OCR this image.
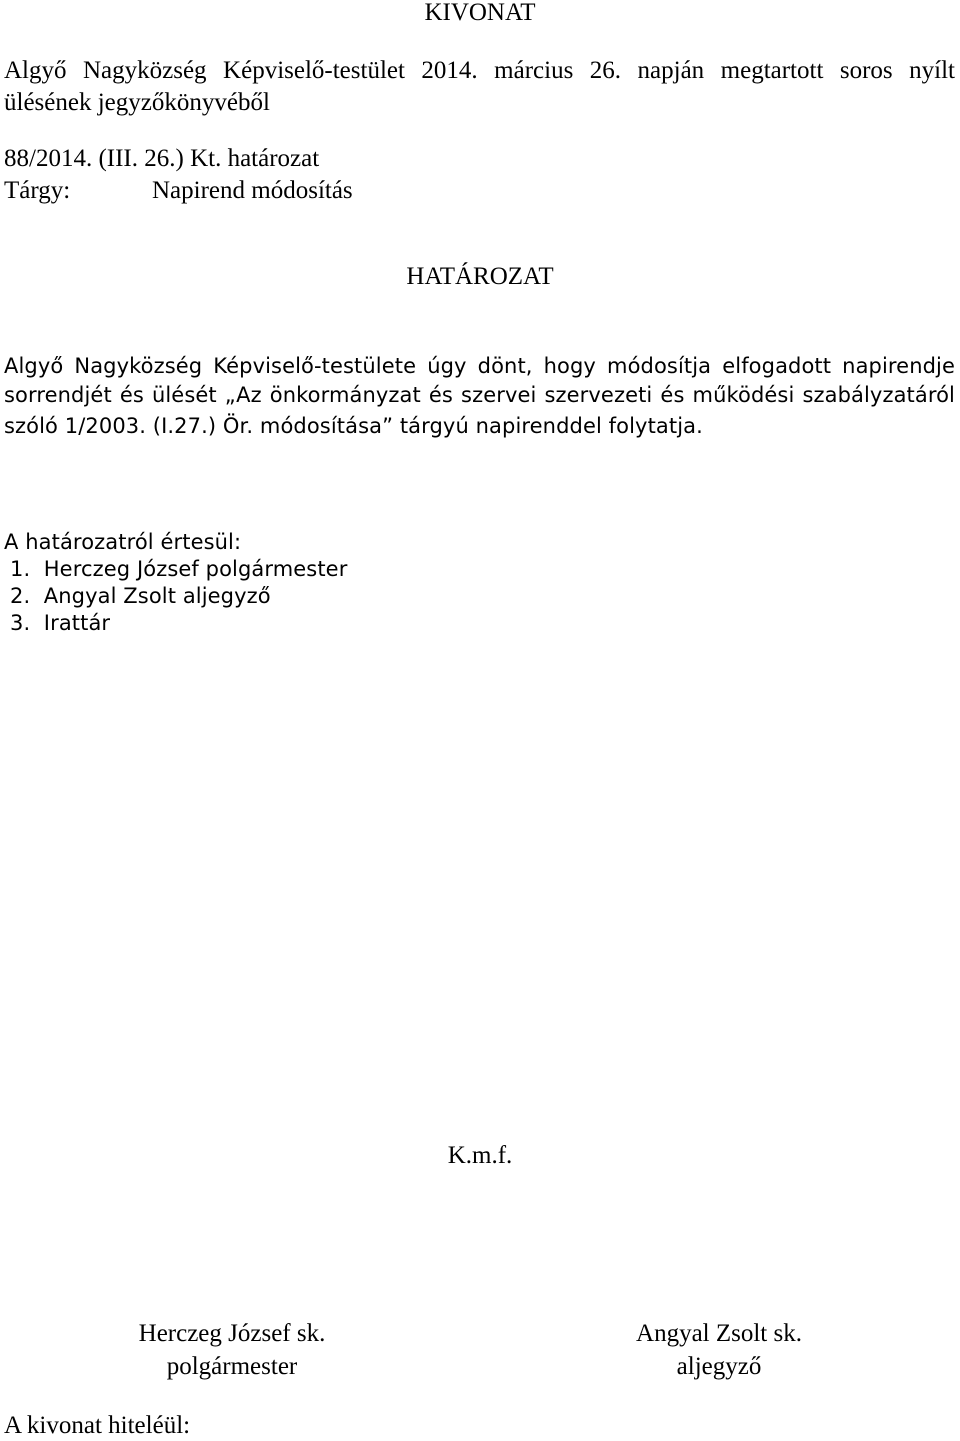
KIVONAT
Algyő Nagyközség Képviselő-testület 2014. március 26. napján megtartott soros nyílt
ülésének jegyzőkönyvéből
88/2014. (III. 26.) Kt. határozat
Tárgy:	Napirend módosítás
HATÁROZAT
Algyő Nagyközség Képviselő-testülete úgy dönt, hogy módosítja elfogadott napirendje
sorrendjét és ülését „Az önkormányzat és szervei szervezeti és működési szabályzatáról
szóló 1/2003. (I.27.) Ör. módosítása” tárgyú napirenddel folytatja.
A határozatról értesül:
1.  Herczeg József polgármester
2.  Angyal Zsolt aljegyző
3.  Irattár
K.m.f.
Herczeg József sk.
polgármester
Angyal Zsolt sk.
aljegyző
A kivonat hiteléül:
